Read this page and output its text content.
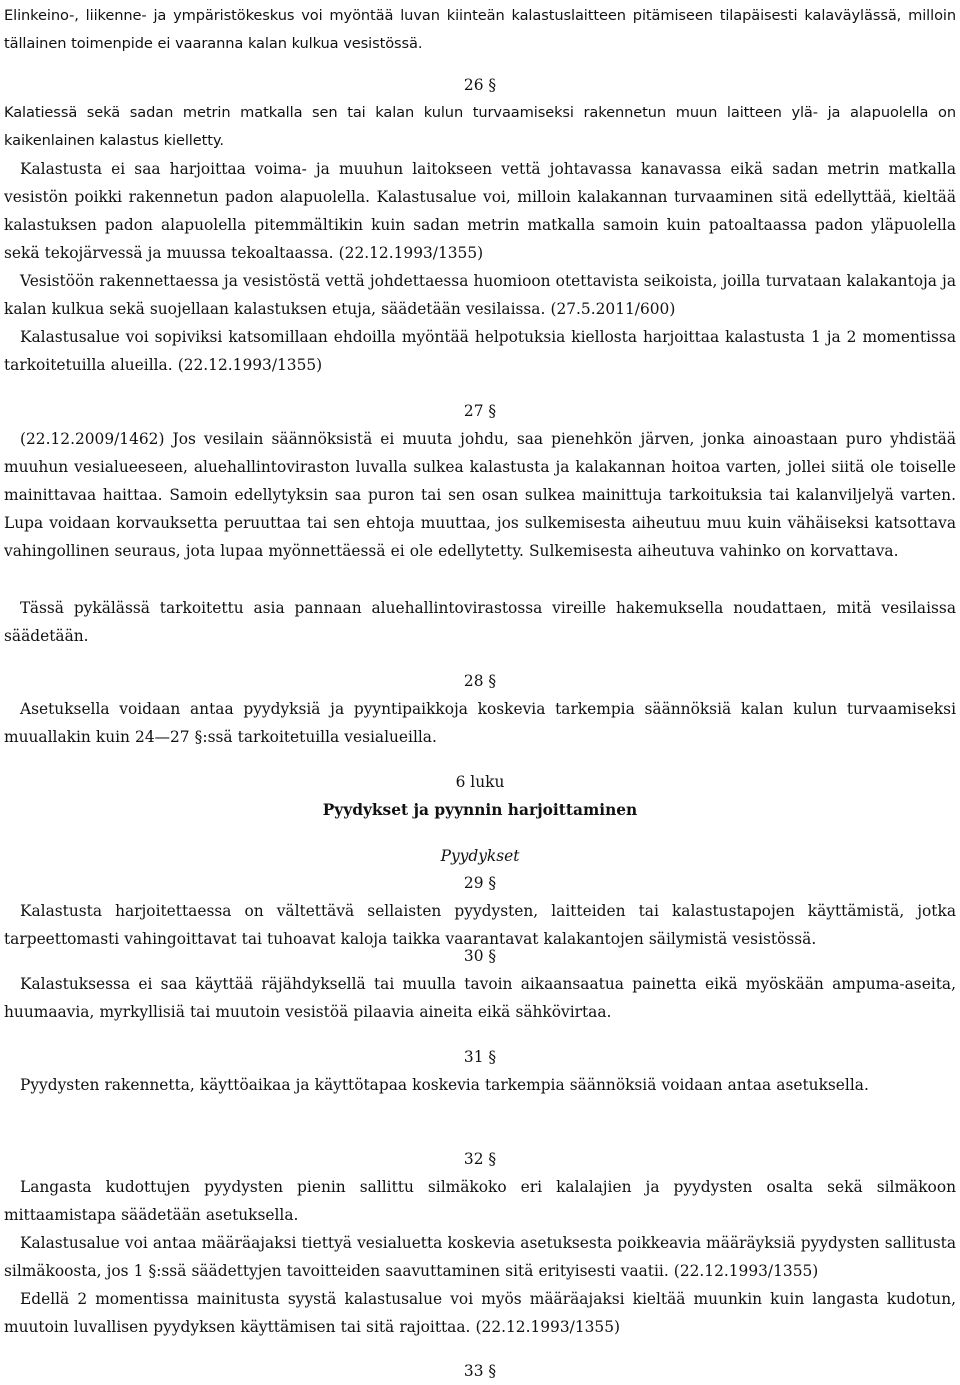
Elinkeino-, liikenne- ja ympäristökeskus voi myöntää luvan kiinteän kalastuslaitteen pitämiseen tilapäisesti kalaväylässä, milloin tällainen toimenpide ei vaaranna kalan kulkua vesistössä.

26 §

Kalatiessä sekä sadan metrin matkalla sen tai kalan kulun turvaamiseksi rakennetun muun laitteen ylä- ja alapuolella on kaikenlainen kalastus kielletty.

Kalastusta ei saa harjoittaa voima- ja muuhun laitokseen vettä johtavassa kanavassa eikä sadan metrin matkalla vesistön poikki rakennetun padon alapuolella. Kalastusalue voi, milloin kalakannan turvaaminen sitä edellyttää, kieltää kalastuksen padon alapuolella pitemmältikin kuin sadan metrin matkalla samoin kuin patoaltaassa padon yläpuolella sekä tekojärvessä ja muussa tekoaltaassa. (22.12.1993/1355)

Vesistöön rakennettaessa ja vesistöstä vettä johdettaessa huomioon otettavista seikoista, joilla turvataan kalakantoja ja kalan kulkua sekä suojellaan kalastuksen etuja, säädetään vesilaissa. (27.5.2011/600)

Kalastusalue voi sopiviksi katsomillaan ehdoilla myöntää helpotuksia kiellosta harjoittaa kalastusta 1 ja 2 momentissa tarkoitetuilla alueilla. (22.12.1993/1355)

27 §

(22.12.2009/1462) Jos vesilain säännöksistä ei muuta johdu, saa pienehkön järven, jonka ainoastaan puro yhdistää muuhun vesialueeseen, aluehallintoviraston luvalla sulkea kalastusta ja kalakannan hoitoa varten, jollei siitä ole toiselle mainittavaa haittaa. Samoin edellytyksin saa puron tai sen osan sulkea mainittuja tarkoituksia tai kalanviljelyä varten. Lupa voidaan korvauksetta peruuttaa tai sen ehtoja muuttaa, jos sulkemisesta aiheutuu muu kuin vähäiseksi katsottava vahingollinen seuraus, jota lupaa myönnettäessä ei ole edellytetty. Sulkemisesta aiheutuva vahinko on korvattava.

Tässä pykälässä tarkoitettu asia pannaan aluehallintovirastossa vireille hakemuksella noudattaen, mitä vesilaissa säädetään.

28 §

Asetuksella voidaan antaa pyydyksiä ja pyyntipaikkoja koskevia tarkempia säännöksiä kalan kulun turvaamiseksi muuallakin kuin 24—27 §:ssä tarkoitetuilla vesialueilla.

6 luku

Pyydykset ja pyynnin harjoittaminen

Pyydykset

29 §

Kalastusta harjoitettaessa on vältettävä sellaisten pyydysten, laitteiden tai kalastustapojen käyttämistä, jotka tarpeettomasti vahingoittavat tai tuhoavat kaloja taikka vaarantavat kalakantojen säilymistä vesistössä.

30 §

Kalastuksessa ei saa käyttää räjähdyksellä tai muulla tavoin aikaansaatua painetta eikä myöskään ampuma-aseita, huumaavia, myrkyllisiä tai muutoin vesistöä pilaavia aineita eikä sähkövirtaa.

31 §

Pyydysten rakennetta, käyttöaikaa ja käyttötapaa koskevia tarkempia säännöksiä voidaan antaa asetuksella.

32 §

Langasta kudottujen pyydysten pienin sallittu silmäkoko eri kalalajien ja pyydysten osalta sekä silmäkoon mittaamistapa säädetään asetuksella.

Kalastusalue voi antaa määräajaksi tiettyä vesialuetta koskevia asetuksesta poikkeavia määräyksiä pyydysten sallitusta silmäkoosta, jos 1 §:ssä säädettyjen tavoitteiden saavuttaminen sitä erityisesti vaatii. (22.12.1993/1355)

Edellä 2 momentissa mainitusta syystä kalastusalue voi myös määräajaksi kieltää muunkin kuin langasta kudotun, muutoin luvallisen pyydyksen käyttämisen tai sitä rajoittaa. (22.12.1993/1355)

33 §
